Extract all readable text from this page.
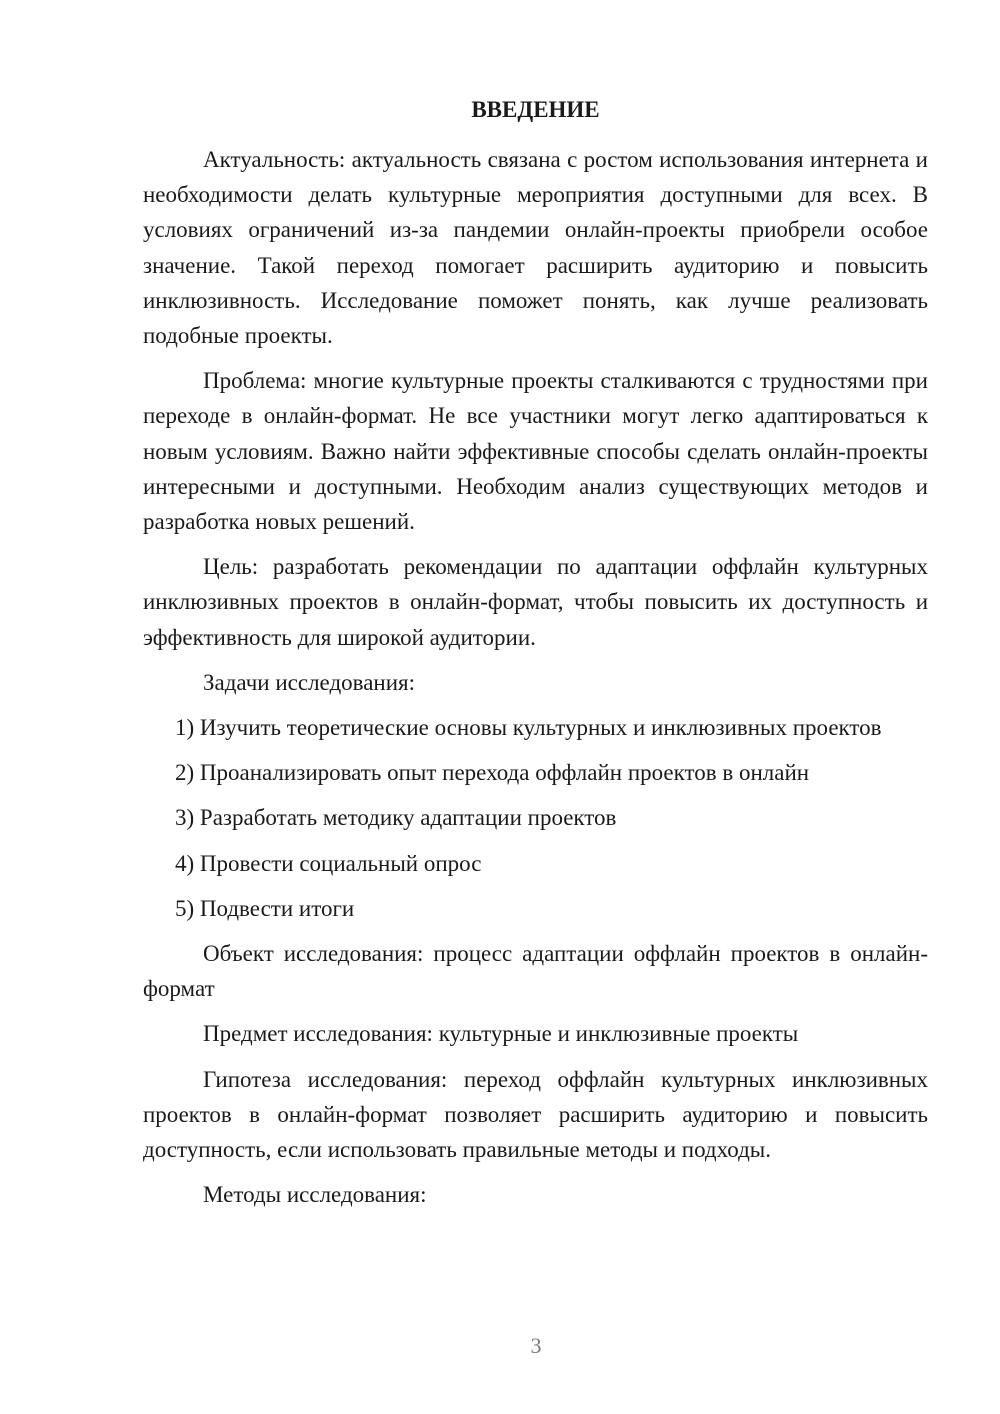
ВВЕДЕНИЕ

Актуальность: актуальность связана с ростом использования интернета и необходимости делать культурные мероприятия доступными для всех. В условиях ограничений из-за пандемии онлайн-проекты приобрели особое значение. Такой переход помогает расширить аудиторию и повысить инклюзивность. Исследование поможет понять, как лучше реализовать подобные проекты.

Проблема: многие культурные проекты сталкиваются с трудностями при переходе в онлайн-формат. Не все участники могут легко адаптироваться к новым условиям. Важно найти эффективные способы сделать онлайн-проекты интересными и доступными. Необходим анализ существующих методов и разработка новых решений.

Цель: разработать рекомендации по адаптации оффлайн культурных инклюзивных проектов в онлайн-формат, чтобы повысить их доступность и эффективность для широкой аудитории.

Задачи исследования:

1) Изучить теоретические основы культурных и инклюзивных проектов

2) Проанализировать опыт перехода оффлайн проектов в онлайн

3) Разработать методику адаптации проектов

4) Провести социальный опрос

5) Подвести итоги

Объект исследования: процесс адаптации оффлайн проектов в онлайн-формат

Предмет исследования: культурные и инклюзивные проекты

Гипотеза исследования: переход оффлайн культурных инклюзивных проектов в онлайн-формат позволяет расширить аудиторию и повысить доступность, если использовать правильные методы и подходы.

Методы исследования:

3
